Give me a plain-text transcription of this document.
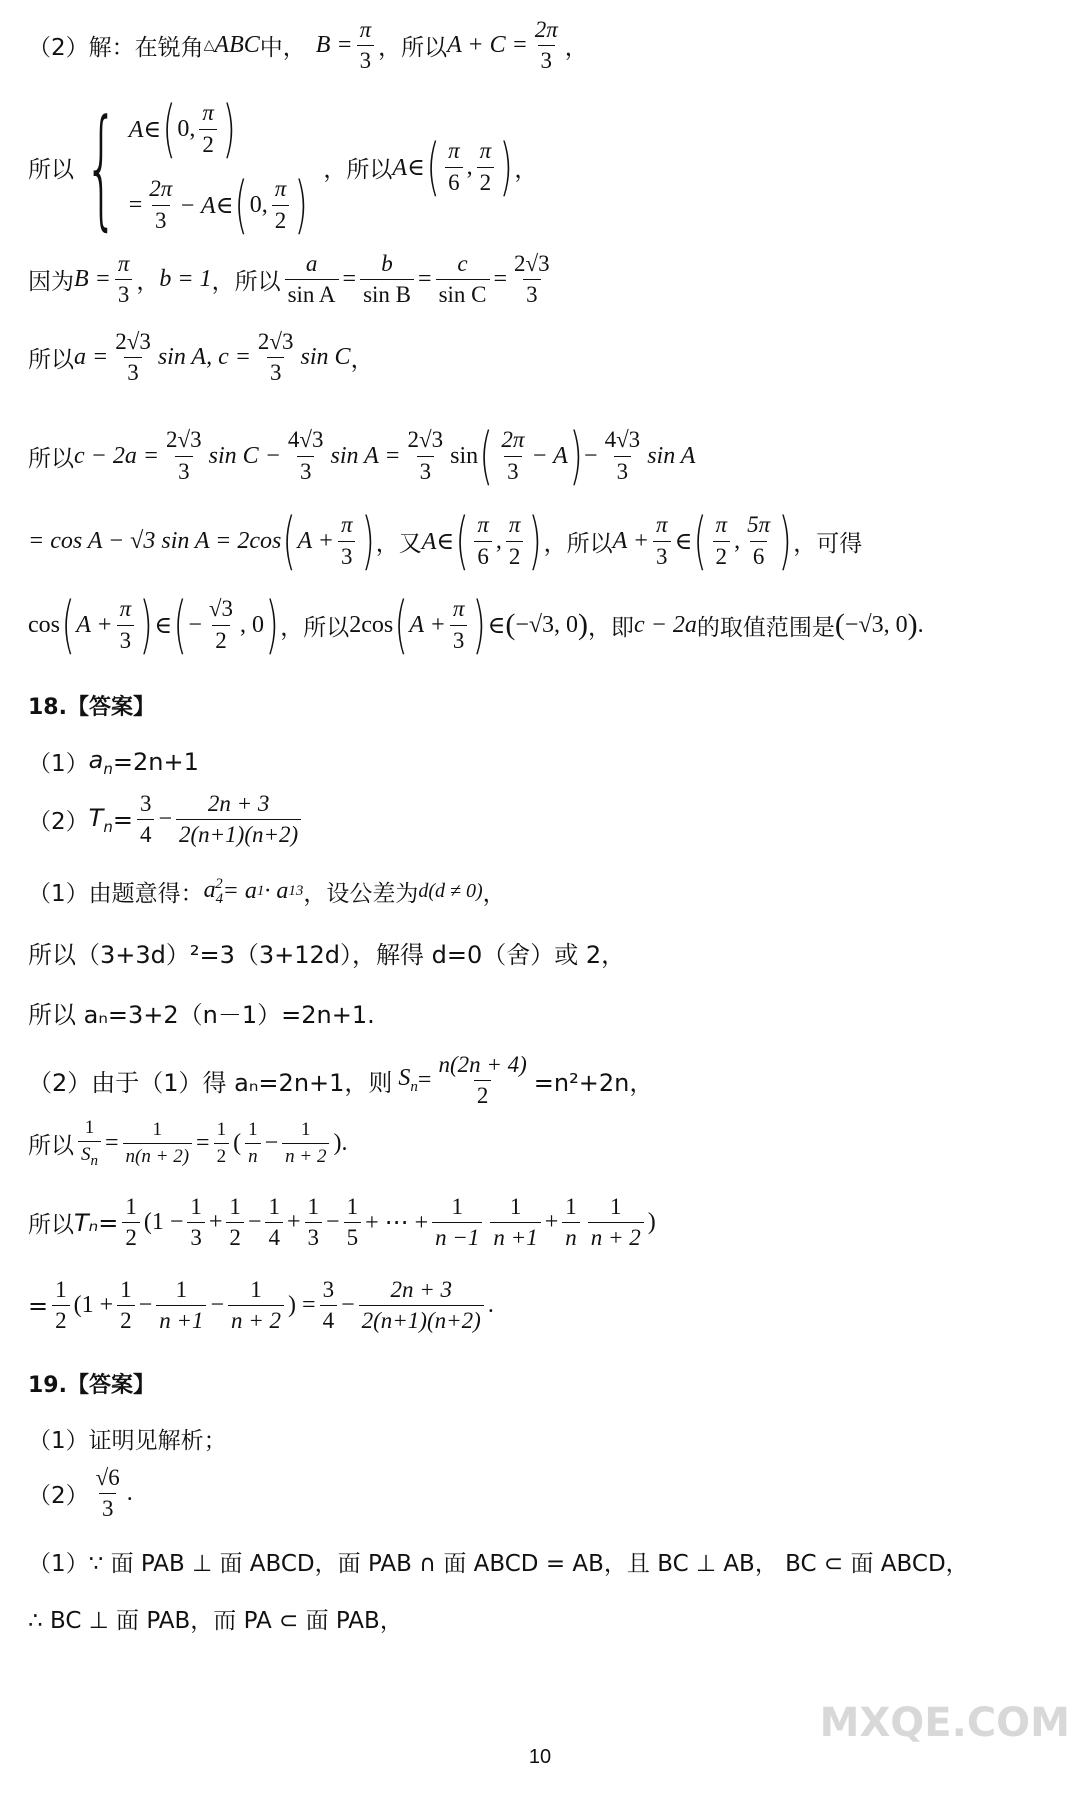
（2）解：在锐角 △ ABC 中， $B = \frac{\pi}{3}$ ，所以 $A + C = \frac{2\pi}{3}$ ，
所以 { A∈ ( 0, $\frac{\pi}{2}$ )
= $\frac{2\pi}{3}$ − A∈ ( 0, $\frac{\pi}{2}$ ) ，所以 A∈ ( $\frac{\pi}{6}$ , $\frac{\pi}{2}$ ) ，
因为 $B = \frac{\pi}{3}$ ， b = 1 ，所以 $\frac{a}{\text{sin A}} = \frac{b}{\text{sin B}} = \frac{c}{\text{sin C}} = \frac{2√3}{3}$
所以 $a = \frac{2√3}{3}$ sin A, $c = \frac{2√3}{3}$ sin C ，
所以 $c - 2a = \frac{2√3}{3}$ $\sin C - \frac{4√3}{3}$ $\sin A = \frac{2√3}{3}$ sin ( $\frac{2\pi}{3} - A$ ) − $\frac{4√3}{3}$ sin A
= cos A − √3 sin A = 2cos ( $A + \frac{\pi}{3}$ ) ，又 A∈ ( $\frac{\pi}{6}$ , $\frac{\pi}{2}$ ) ，所以 $A + \frac{\pi}{3}$ ∈ ( $\frac{\pi}{2}$ , $\frac{5\pi}{6}$ ) ，可得
cos ( $A + \frac{\pi}{3}$ ) ∈ ( − $\frac{√3}{2}$ , 0 ) ，所以 2cos ( $A + \frac{\pi}{3}$ ) ∈ ( −√3, 0 ) ，即 c − 2a 的取值范围是 ( −√3, 0 ) .
18.【答案】
（1） $a_n =2n+1$
（2） $T_n = \frac{3}{4} - \frac{2n + 3}{2(n+1)(n+2)}$
（1）由题意得： $a_4^2 = a$ 1 · a 13 ，设公差为 d(d ≠ 0) ，
所以（3+3d）²=3（3+12d），解得 d=0（舍）或 2，
所以 aₙ=3+2（n－1）=2n+1.
（2）由于（1）得 aₙ=2n+1，则 $S_n = \frac{n(2n + 4)}{2} =n^2+2n$，
所以 $\frac{1}{S_n} = \frac{1}{n(n + 2)} = \frac{1}{2}$ ( $\frac{1}{n} - \frac{1}{n + 2}$ ).
所以 $T_n= \frac{1}{2} (1 - \frac{1}{3} + \frac{1}{2} - \frac{1}{4} + \frac{1}{3} - \frac{1}{5}$ + ⋯ + $\frac{1}{n -1} \frac{1}{n +1} + \frac{1}{n} \frac{1}{n + 2}$ )
= $\frac{1}{2} (1 + \frac{1}{2} - \frac{1}{n +1} - \frac{1}{n + 2}$ ) = $\frac{3}{4} - \frac{2n + 3}{2(n+1)(n+2)}$ .
19.【答案】
（1）证明见解析；
$(2) \frac{√6}{3}$ .
（1）∵ 面 PAB ⊥ 面 ABCD，面 PAB ∩ 面 ABCD = AB，且 BC ⊥ AB， BC ⊂ 面 ABCD，
∴ BC ⊥ 面 PAB，而 PA ⊂ 面 PAB，
10
MXQE.COM
